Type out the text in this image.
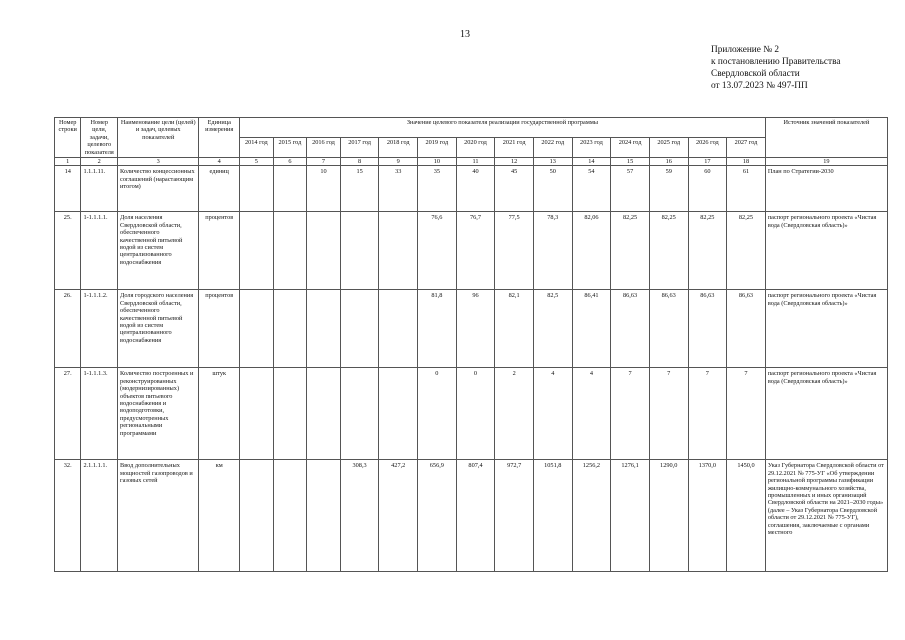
13
Приложение № 2
к постановлению Правительства
Свердловской области
от 13.07.2023 № 497-ПП
Номер строки	Номер цели, задачи, целевого показателя	Наименование цели (целей) и задач, целевых показателей	Единица измерения	Значение целевого показателя реализации государственной программы														Источник значений показателей
				2014 год	2015 год	2016 год	2017 год	2018 год	2019 год	2020 год	2021 год	2022 год	2023 год	2024 год	2025 год	2026 год	2027 год	
1	2	3	4	5	6	7	8	9	10	11	12	13	14	15	16	17	18	19
14	1.1.1.11.	Количество концессионных соглашений (нарастающим итогом)	единиц			10	15	33	35	40	45	50	54	57	59	60	61	План по Стратегии-2030
25.	1-1.1.1.1.	Доля населения Свердловской области, обеспеченного качественной питьевой водой из систем централизованного водоснабжения	процентов						76,6	76,7	77,5	78,3	82,06	82,25	82,25	82,25	82,25	паспорт регионального проекта «Чистая вода (Свердловская область)»
26.	1-1.1.1.2.	Доля городского населения Свердловской области, обеспеченного качественной питьевой водой из систем централизованного водоснабжения	процентов						81,8	96	82,1	82,5	86,41	86,63	86,63	86,63	86,63	паспорт регионального проекта «Чистая вода (Свердловская область)»
27.	1-1.1.1.3.	Количество построенных и реконструированных (модернизированных) объектов питьевого водоснабжения и водоподготовки, предусмотренных региональными программами	штук						0	0	2	4	4	7	7	7	7	паспорт регионального проекта «Чистая вода (Свердловская область)»
32.	2.1.1.1.1.	Ввод дополнительных мощностей газопроводов и газовых сетей	км				308,3	427,2	656,9	807,4	972,7	1051,8	1256,2	1276,1	1290,0	1370,0	1450,0	Указ Губернатора Свердловской области от 29.12.2021 № 775-УГ «Об утверждении региональной программы газификации жилищно-коммунального хозяйства, промышленных и иных организаций Свердловской области на 2021–2030 годы» (далее – Указ Губернатора Свердловской области от 29.12.2021 № 775-УГ), соглашения, заключаемые с органами местного
